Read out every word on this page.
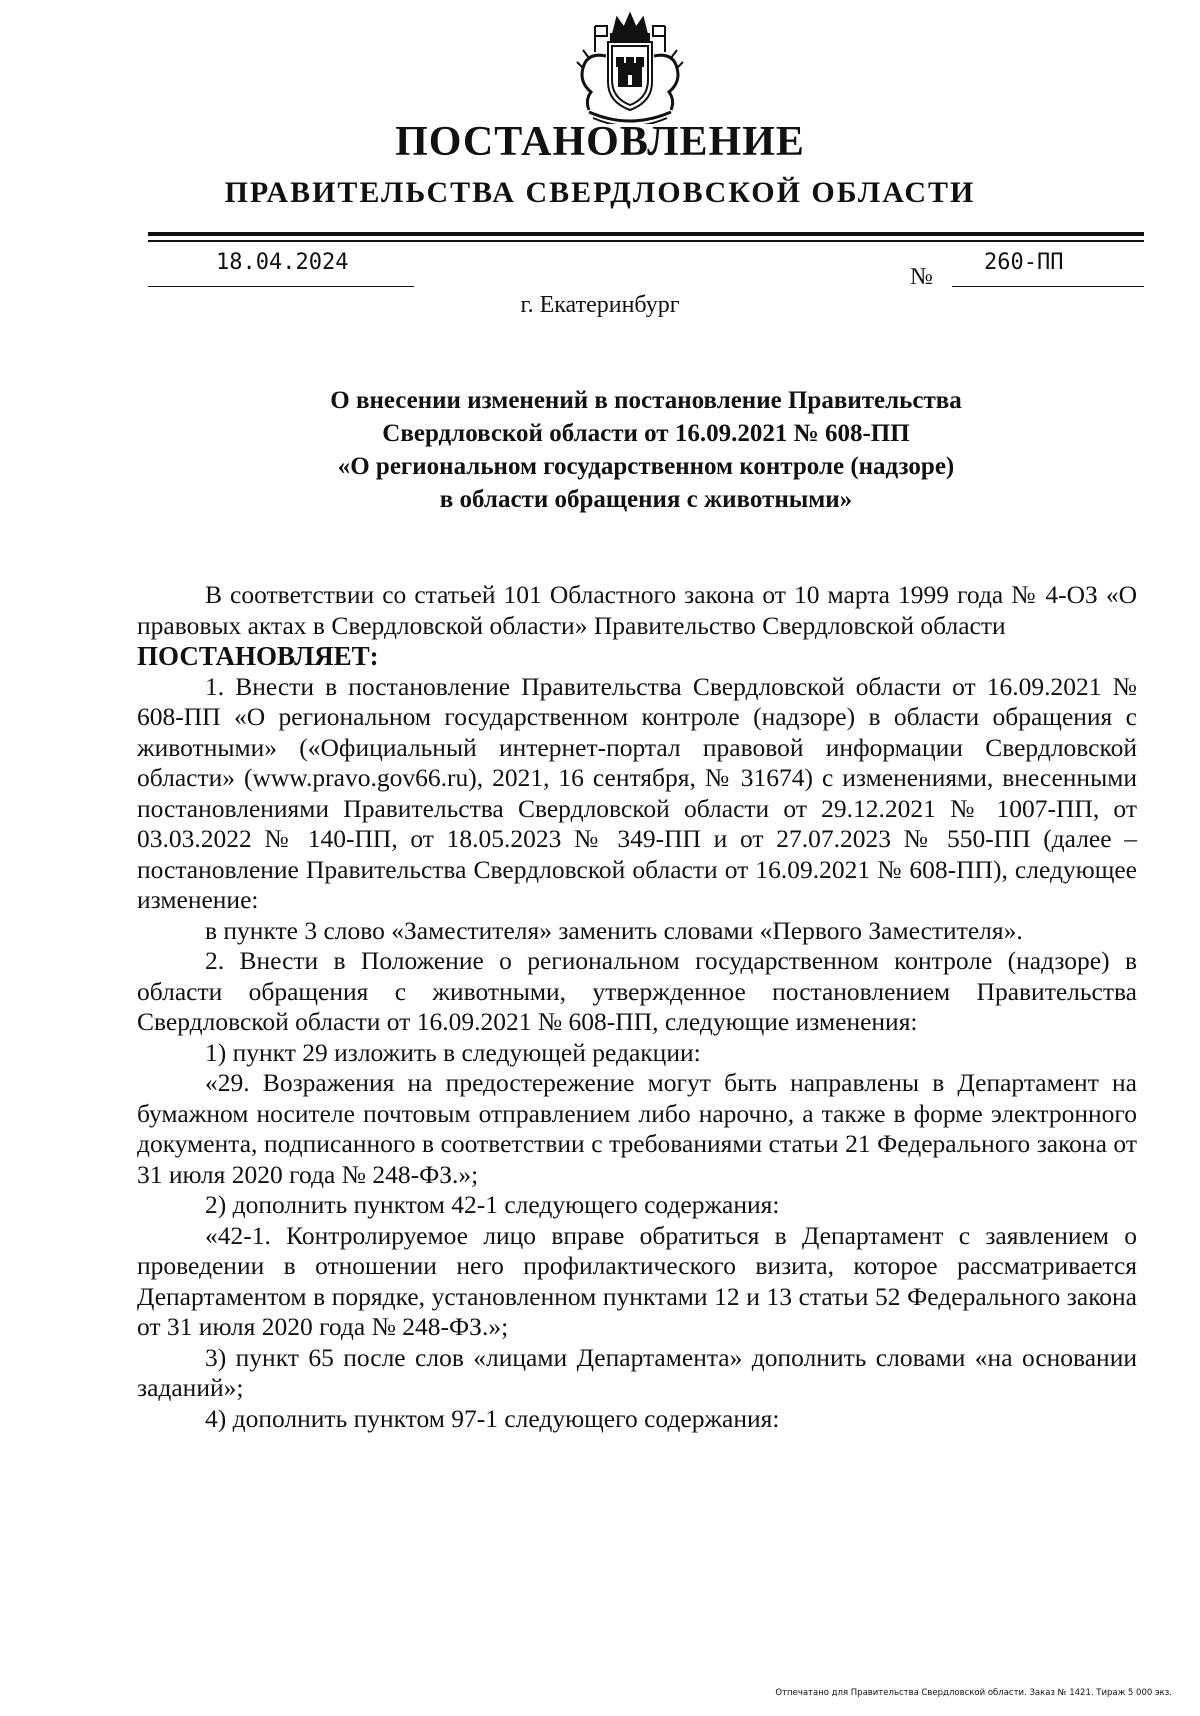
ПОСТАНОВЛЕНИЕ
ПРАВИТЕЛЬСТВА СВЕРДЛОВСКОЙ ОБЛАСТИ
18.04.2024
№
260-ПП
г. Екатеринбург
О внесении изменений в постановление Правительства
Свердловской области от 16.09.2021 № 608-ПП
«О региональном государственном контроле (надзоре)
в области обращения с животными»

В соответствии со статьей 101 Областного закона от 10 марта 1999 года № 4-ОЗ «О правовых актах в Свердловской области» Правительство Свердловской области

ПОСТАНОВЛЯЕТ:

1. Внести в постановление Правительства Свердловской области от 16.09.2021 № 608-ПП «О региональном государственном контроле (надзоре) в области обращения с животными» («Официальный интернет-портал правовой информации Свердловской области» (www.pravo.gov66.ru), 2021, 16 сентября, № 31674) с изменениями, внесенными постановлениями Правительства Свердловской области от 29.12.2021 № 1007-ПП, от 03.03.2022 № 140-ПП, от 18.05.2023 № 349-ПП и от 27.07.2023 № 550-ПП (далее – постановление Правительства Свердловской области от 16.09.2021 № 608-ПП), следующее изменение:

в пункте 3 слово «Заместителя» заменить словами «Первого Заместителя».

2. Внести в Положение о региональном государственном контроле (надзоре) в области обращения с животными, утвержденное постановлением Правительства Свердловской области от 16.09.2021 № 608-ПП, следующие изменения:

1) пункт 29 изложить в следующей редакции:

«29. Возражения на предостережение могут быть направлены в Департамент на бумажном носителе почтовым отправлением либо нарочно, а также в форме электронного документа, подписанного в соответствии с требованиями статьи 21 Федерального закона от 31 июля 2020 года № 248-ФЗ.»;

2) дополнить пунктом 42-1 следующего содержания:

«42-1. Контролируемое лицо вправе обратиться в Департамент с заявлением о проведении в отношении него профилактического визита, которое рассматривается Департаментом в порядке, установленном пунктами 12 и 13 статьи 52 Федерального закона от 31 июля 2020 года № 248-ФЗ.»;

3) пункт 65 после слов «лицами Департамента» дополнить словами «на основании заданий»;

4) дополнить пунктом 97-1 следующего содержания:

Отпечатано для Правительства Свердловской области. Заказ № 1421. Тираж 5 000 экз.
